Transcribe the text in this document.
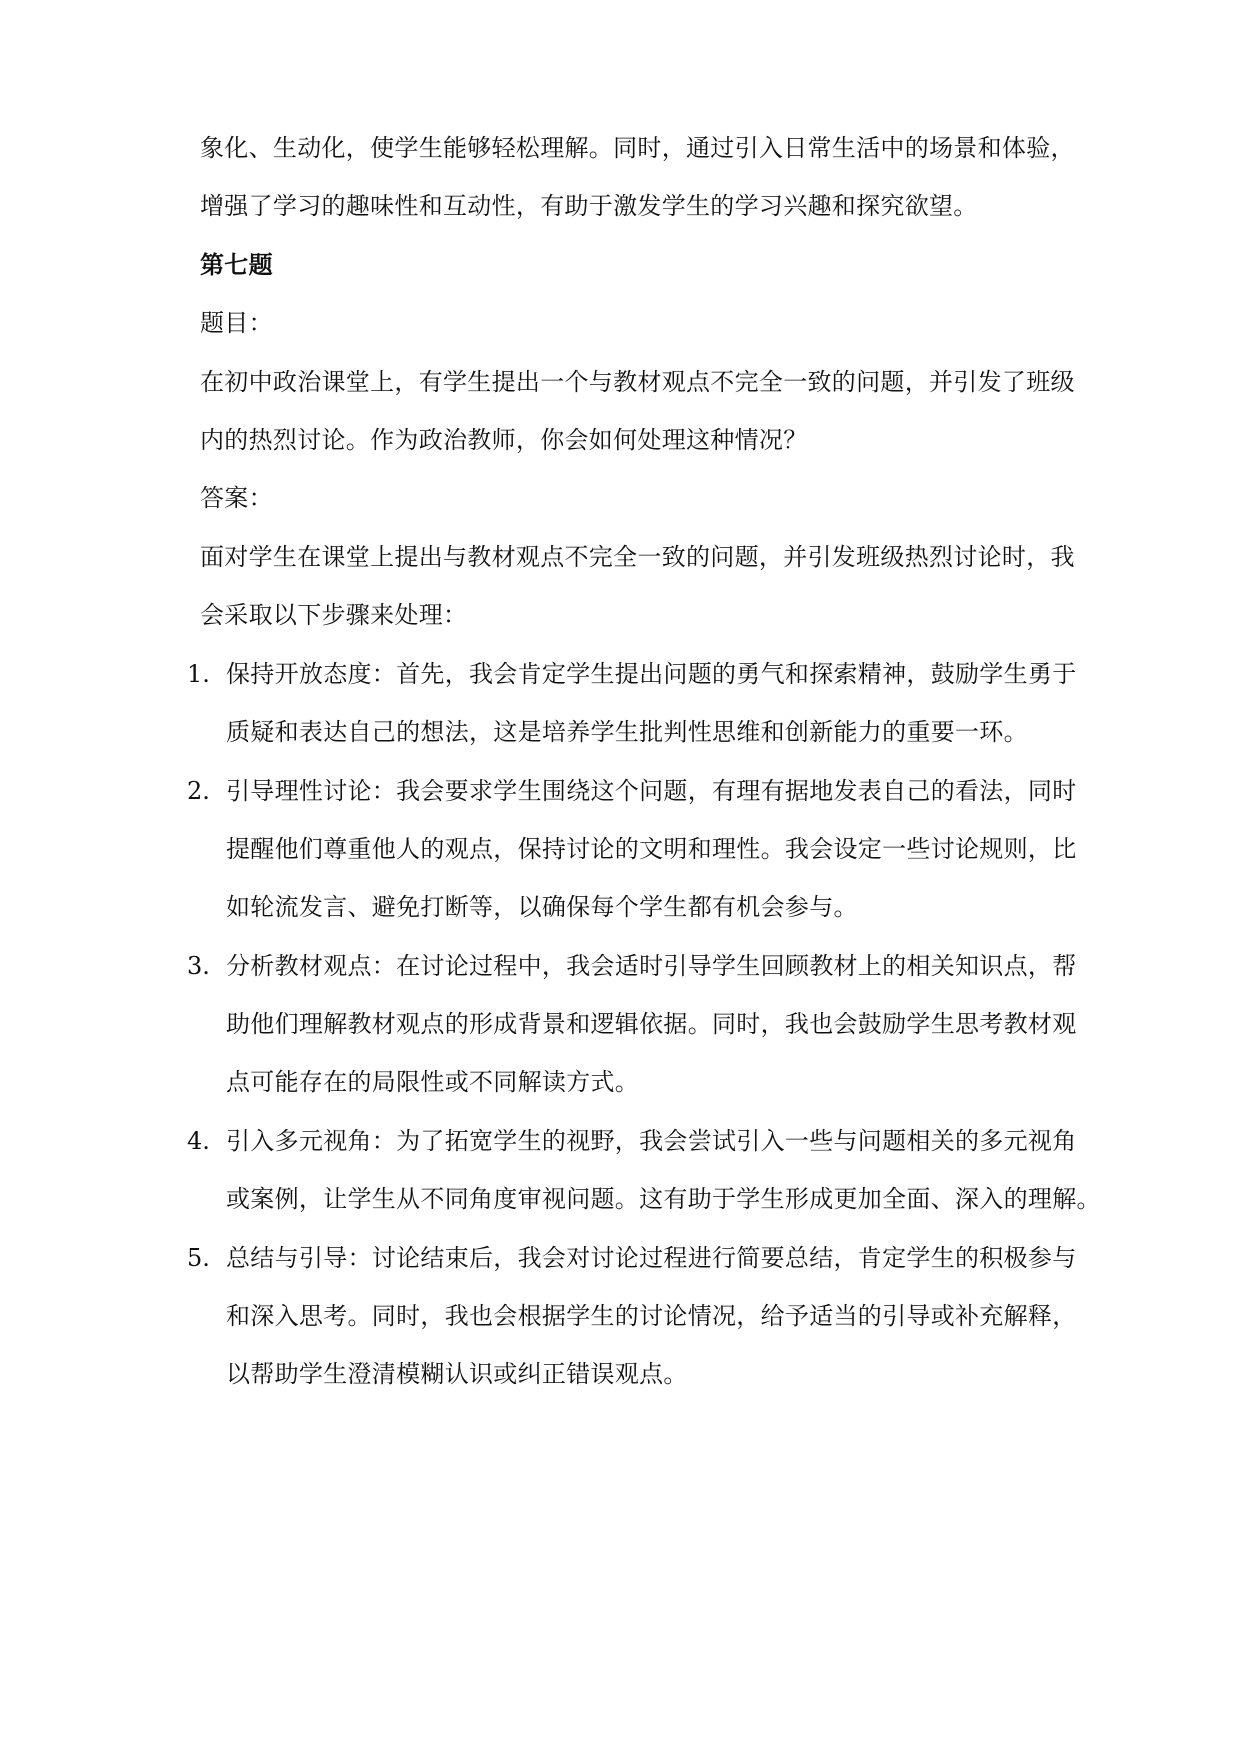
象化、生动化，使学生能够轻松理解。同时，通过引入日常生活中的场景和体验，
增强了学习的趣味性和互动性，有助于激发学生的学习兴趣和探究欲望。
第七题
题目：
在初中政治课堂上，有学生提出一个与教材观点不完全一致的问题，并引发了班级
内的热烈讨论。作为政治教师，你会如何处理这种情况？
答案：
面对学生在课堂上提出与教材观点不完全一致的问题，并引发班级热烈讨论时，我
会采取以下步骤来处理：
1. 保持开放态度：首先，我会肯定学生提出问题的勇气和探索精神，鼓励学生勇于
质疑和表达自己的想法，这是培养学生批判性思维和创新能力的重要一环。
2. 引导理性讨论：我会要求学生围绕这个问题，有理有据地发表自己的看法，同时
提醒他们尊重他人的观点，保持讨论的文明和理性。我会设定一些讨论规则，比
如轮流发言、避免打断等，以确保每个学生都有机会参与。
3. 分析教材观点：在讨论过程中，我会适时引导学生回顾教材上的相关知识点，帮
助他们理解教材观点的形成背景和逻辑依据。同时，我也会鼓励学生思考教材观
点可能存在的局限性或不同解读方式。
4. 引入多元视角：为了拓宽学生的视野，我会尝试引入一些与问题相关的多元视角
或案例，让学生从不同角度审视问题。这有助于学生形成更加全面、深入的理解。
5. 总结与引导：讨论结束后，我会对讨论过程进行简要总结，肯定学生的积极参与
和深入思考。同时，我也会根据学生的讨论情况，给予适当的引导或补充解释，
以帮助学生澄清模糊认识或纠正错误观点。
